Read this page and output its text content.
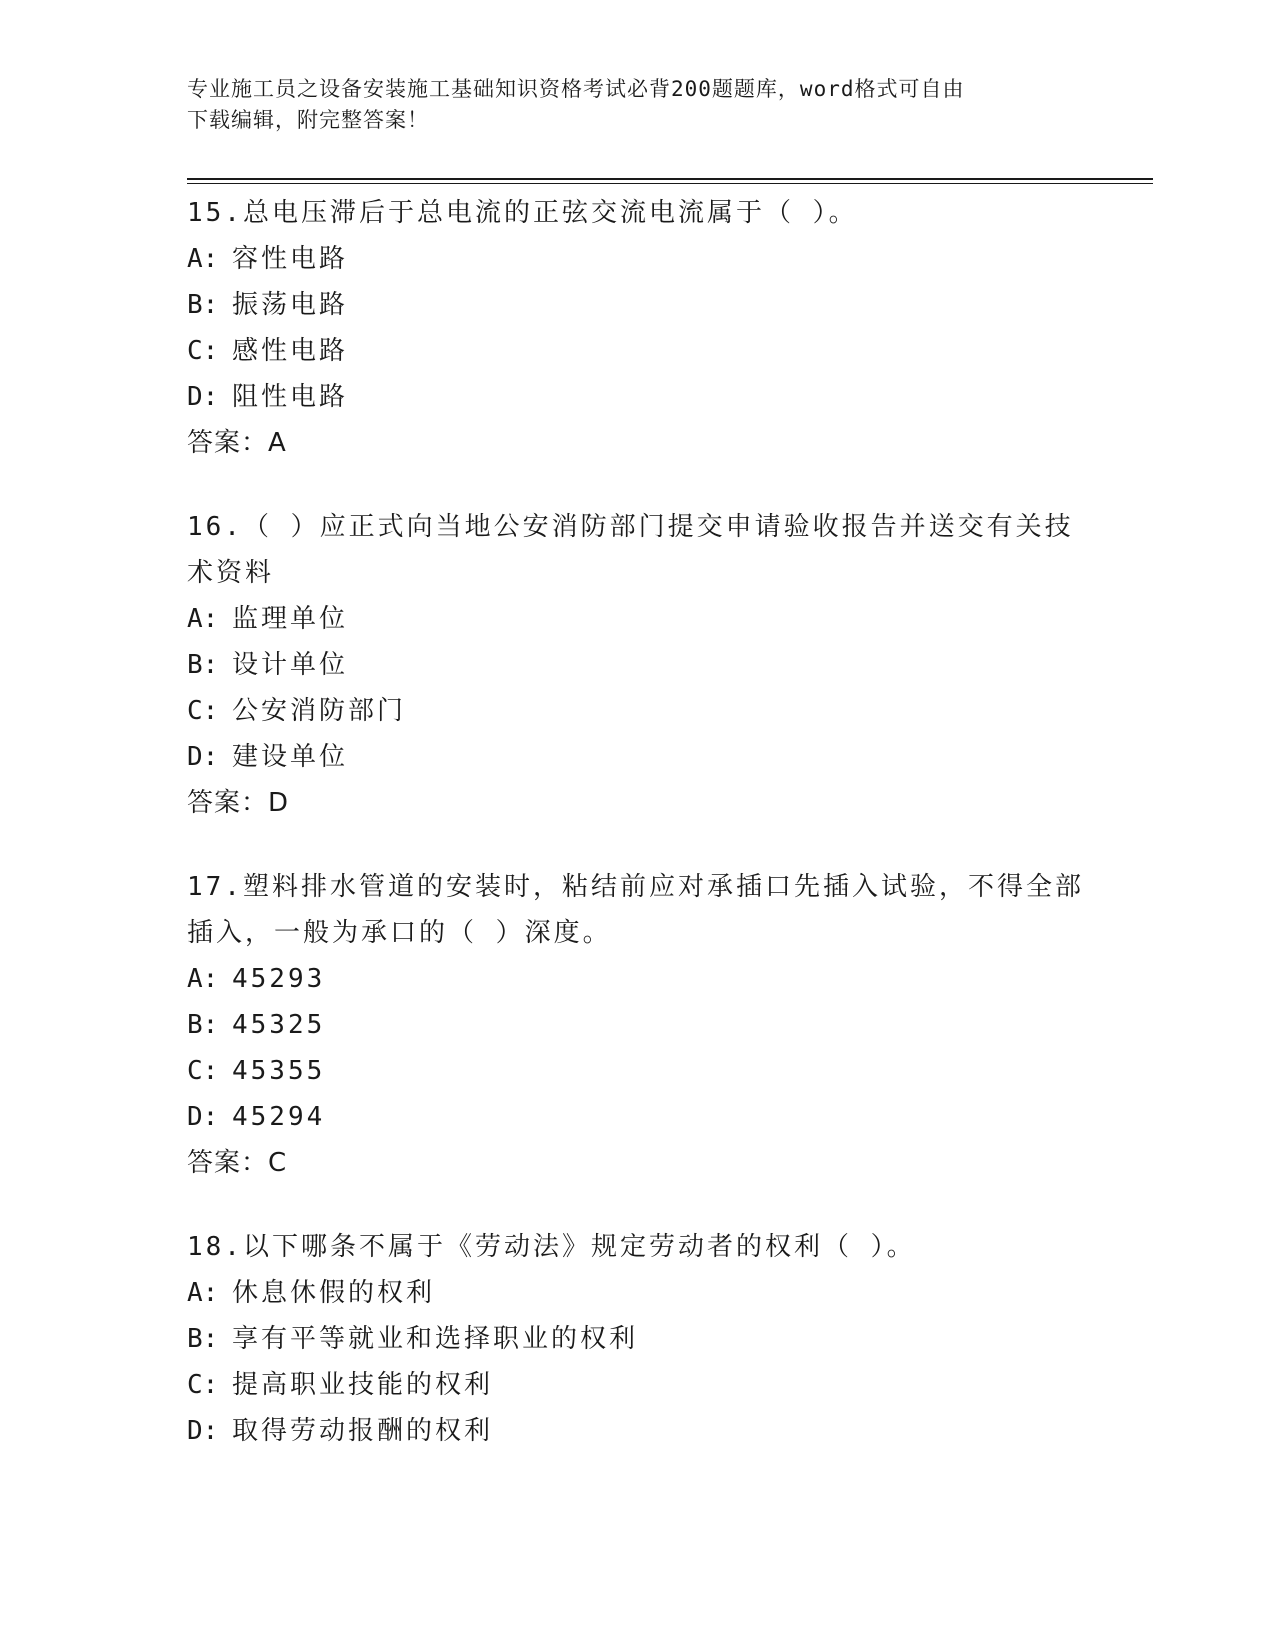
专业施工员之设备安装施工基础知识资格考试必背200题题库，word格式可自由
下载编辑，附完整答案！
15.总电压滞后于总电流的正弦交流电流属于（ ）。
A: 容性电路
B: 振荡电路
C: 感性电路
D: 阻性电路
答案：A
16.（ ）应正式向当地公安消防部门提交申请验收报告并送交有关技
术资料
A: 监理单位
B: 设计单位
C: 公安消防部门
D: 建设单位
答案：D
17.塑料排水管道的安装时，粘结前应对承插口先插入试验，不得全部
插入，一般为承口的（ ）深度。
A: 45293
B: 45325
C: 45355
D: 45294
答案：C
18.以下哪条不属于《劳动法》规定劳动者的权利（ ）。
A: 休息休假的权利
B: 享有平等就业和选择职业的权利
C: 提高职业技能的权利
D: 取得劳动报酬的权利
